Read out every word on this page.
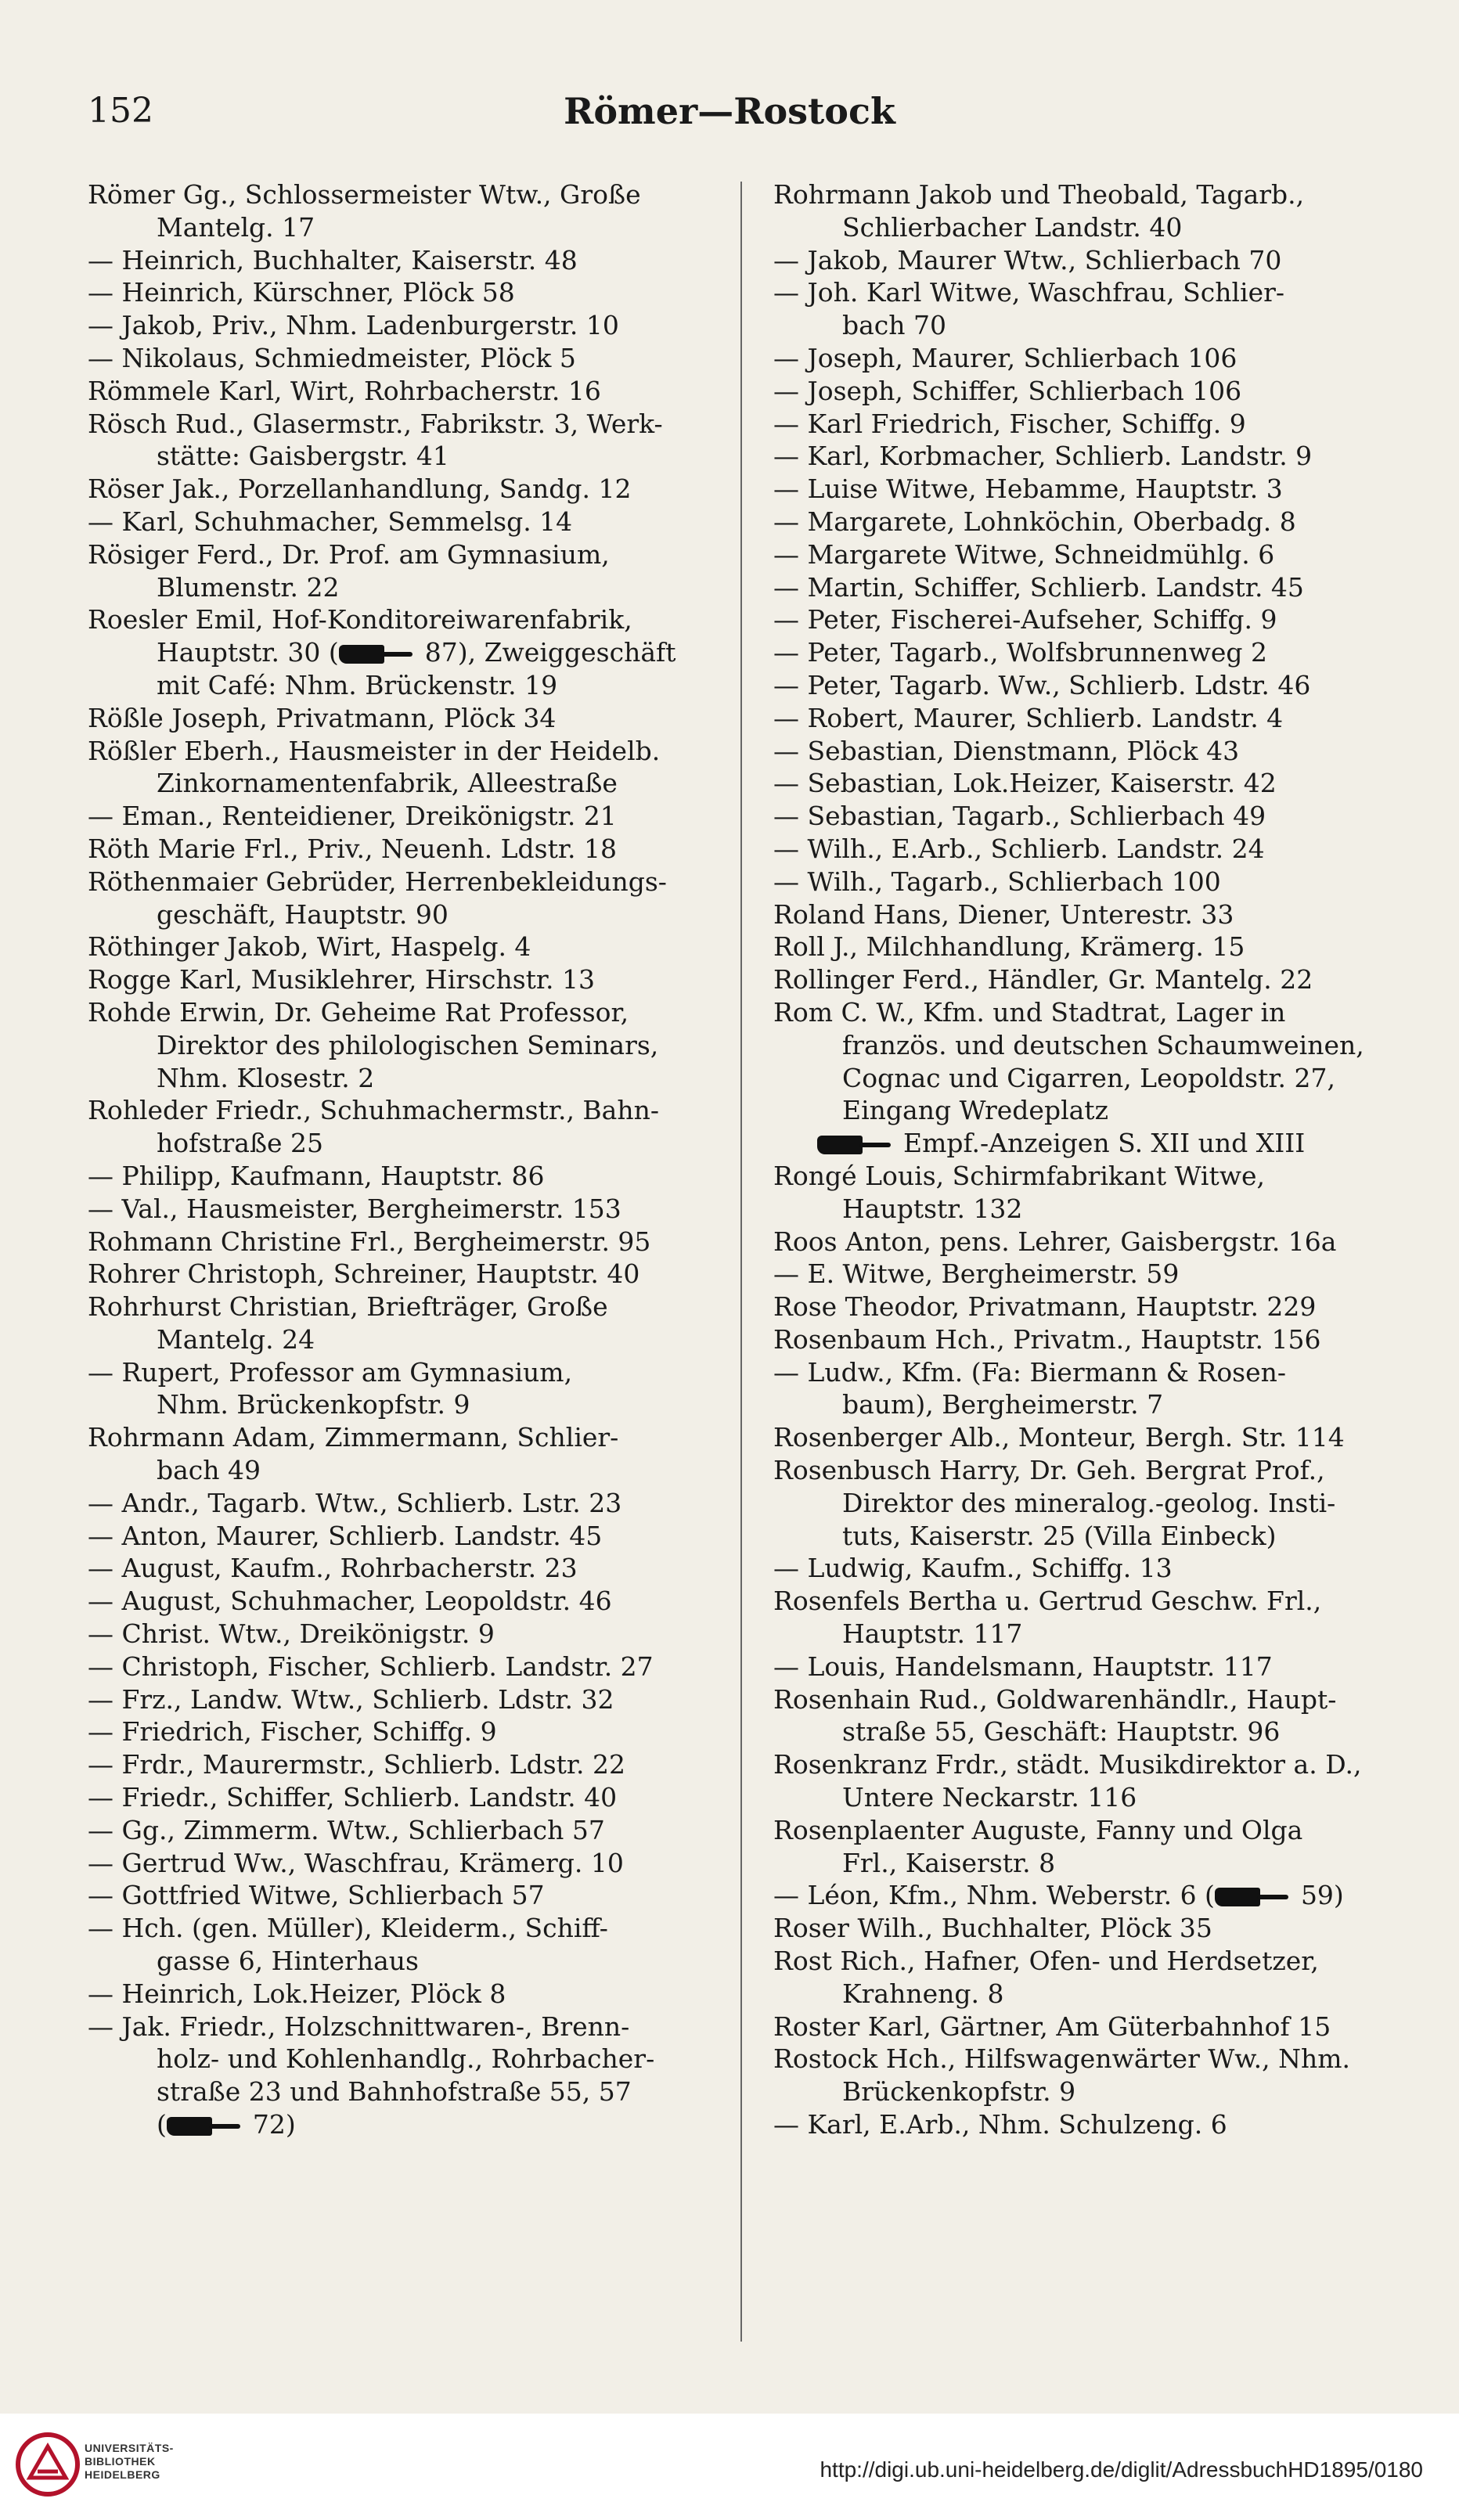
152	Römer—Rostock
Römer Gg., Schlossermeister Wtw., Große
Mantelg. 17
— Heinrich, Buchhalter, Kaiserstr. 48
— Heinrich, Kürschner, Plöck 58
— Jakob, Priv., Nhm. Ladenburgerstr. 10
— Nikolaus, Schmiedmeister, Plöck 5
Römmele Karl, Wirt, Rohrbacherstr. 16
Rösch Rud., Glasermstr., Fabrikstr. 3, Werk-
stätte: Gaisbergstr. 41
Röser Jak., Porzellanhandlung, Sandg. 12
— Karl, Schuhmacher, Semmelsg. 14
Rösiger Ferd., Dr. Prof. am Gymnasium,
Blumenstr. 22
Roesler Emil, Hof-Konditoreiwarenfabrik,
Hauptstr. 30 (	87), Zweiggeschäft
mit Café: Nhm. Brückenstr. 19
Rößle Joseph, Privatmann, Plöck 34
Rößler Eberh., Hausmeister in der Heidelb.
Zinkornamentenfabrik, Alleestraße
— Eman., Renteidiener, Dreikönigstr. 21
Röth Marie Frl., Priv., Neuenh. Ldstr. 18
Röthenmaier Gebrüder, Herrenbekleidungs-
geschäft, Hauptstr. 90
Röthinger Jakob, Wirt, Haspelg. 4
Rogge Karl, Musiklehrer, Hirschstr. 13
Rohde Erwin, Dr. Geheime Rat Professor,
Direktor des philologischen Seminars,
Nhm. Klosestr. 2
Rohleder Friedr., Schuhmachermstr., Bahn-
hofstraße 25
— Philipp, Kaufmann, Hauptstr. 86
— Val., Hausmeister, Bergheimerstr. 153
Rohmann Christine Frl., Bergheimerstr. 95
Rohrer Christoph, Schreiner, Hauptstr. 40
Rohrhurst Christian, Briefträger, Große
Mantelg. 24
— Rupert, Professor am Gymnasium,
Nhm. Brückenkopfstr. 9
Rohrmann Adam, Zimmermann, Schlier-
bach 49
— Andr., Tagarb. Wtw., Schlierb. Lstr. 23
— Anton, Maurer, Schlierb. Landstr. 45
— August, Kaufm., Rohrbacherstr. 23
— August, Schuhmacher, Leopoldstr. 46
— Christ. Wtw., Dreikönigstr. 9
— Christoph, Fischer, Schlierb. Landstr. 27
— Frz., Landw. Wtw., Schlierb. Ldstr. 32
— Friedrich, Fischer, Schiffg. 9
— Frdr., Maurermstr., Schlierb. Ldstr. 22
— Friedr., Schiffer, Schlierb. Landstr. 40
— Gg., Zimmerm. Wtw., Schlierbach 57
— Gertrud Ww., Waschfrau, Krämerg. 10
— Gottfried Witwe, Schlierbach 57
— Hch. (gen. Müller), Kleiderm., Schiff-
gasse 6, Hinterhaus
— Heinrich, Lok.Heizer, Plöck 8
— Jak. Friedr., Holzschnittwaren-, Brenn-
holz- und Kohlenhandlg., Rohrbacher-
straße 23 und Bahnhofstraße 55, 57
(	72)
Rohrmann Jakob und Theobald, Tagarb.,
Schlierbacher Landstr. 40
— Jakob, Maurer Wtw., Schlierbach 70
— Joh. Karl Witwe, Waschfrau, Schlier-
bach 70
— Joseph, Maurer, Schlierbach 106
— Joseph, Schiffer, Schlierbach 106
— Karl Friedrich, Fischer, Schiffg. 9
— Karl, Korbmacher, Schlierb. Landstr. 9
— Luise Witwe, Hebamme, Hauptstr. 3
— Margarete, Lohnköchin, Oberbadg. 8
— Margarete Witwe, Schneidmühlg. 6
— Martin, Schiffer, Schlierb. Landstr. 45
— Peter, Fischerei-Aufseher, Schiffg. 9
— Peter, Tagarb., Wolfsbrunnenweg 2
— Peter, Tagarb. Ww., Schlierb. Ldstr. 46
— Robert, Maurer, Schlierb. Landstr. 4
— Sebastian, Dienstmann, Plöck 43
— Sebastian, Lok.Heizer, Kaiserstr. 42
— Sebastian, Tagarb., Schlierbach 49
— Wilh., E.Arb., Schlierb. Landstr. 24
— Wilh., Tagarb., Schlierbach 100
Roland Hans, Diener, Unterestr. 33
Roll J., Milchhandlung, Krämerg. 15
Rollinger Ferd., Händler, Gr. Mantelg. 22
Rom C. W., Kfm. und Stadtrat, Lager in
französ. und deutschen Schaumweinen,
Cognac und Cigarren, Leopoldstr. 27,
Eingang Wredeplatz
Empf.-Anzeigen S. XII und XIII
Rongé Louis, Schirmfabrikant Witwe,
Hauptstr. 132
Roos Anton, pens. Lehrer, Gaisbergstr. 16a
— E. Witwe, Bergheimerstr. 59
Rose Theodor, Privatmann, Hauptstr. 229
Rosenbaum Hch., Privatm., Hauptstr. 156
— Ludw., Kfm. (Fa: Biermann & Rosen-
baum), Bergheimerstr. 7
Rosenberger Alb., Monteur, Bergh. Str. 114
Rosenbusch Harry, Dr. Geh. Bergrat Prof.,
Direktor des mineralog.-geolog. Insti-
tuts, Kaiserstr. 25 (Villa Einbeck)
— Ludwig, Kaufm., Schiffg. 13
Rosenfels Bertha u. Gertrud Geschw. Frl.,
Hauptstr. 117
— Louis, Handelsmann, Hauptstr. 117
Rosenhain Rud., Goldwarenhändlr., Haupt-
straße 55, Geschäft: Hauptstr. 96
Rosenkranz Frdr., städt. Musikdirektor a. D.,
Untere Neckarstr. 116
Rosenplaenter Auguste, Fanny und Olga
Frl., Kaiserstr. 8
— Léon, Kfm., Nhm. Weberstr. 6 (	59)
Roser Wilh., Buchhalter, Plöck 35
Rost Rich., Hafner, Ofen- und Herdsetzer,
Krahneng. 8
Roster Karl, Gärtner, Am Güterbahnhof 15
Rostock Hch., Hilfswagenwärter Ww., Nhm.
Brückenkopfstr. 9
— Karl, E.Arb., Nhm. Schulzeng. 6
UNIVERSITÄTS-
BIBLIOTHEK
HEIDELBERG	http://digi.ub.uni-heidelberg.de/diglit/AdressbuchHD1895/0180
